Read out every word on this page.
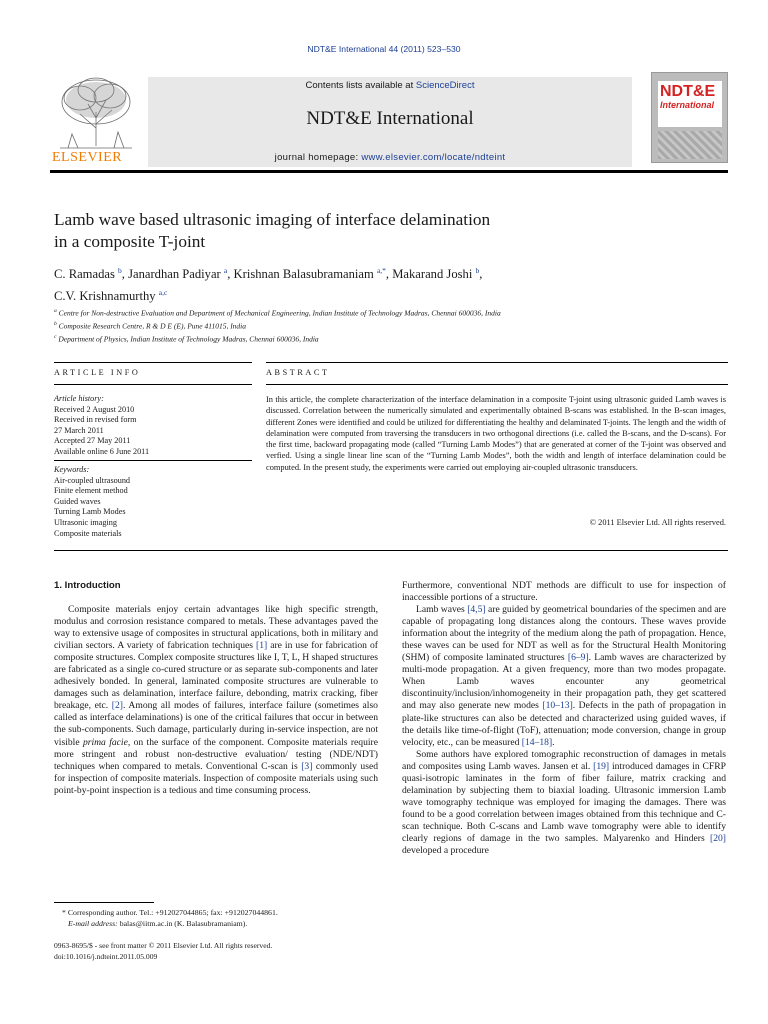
NDT&E International 44 (2011) 523–530
ELSEVIER
Contents lists available at ScienceDirect
NDT&E International
journal homepage: www.elsevier.com/locate/ndteint
NDT&E
International
Lamb wave based ultrasonic imaging of interface delamination
in a composite T-joint
C. Ramadas $^b$, Janardhan Padiyar $^a$, Krishnan Balasubramaniam $^{a,*}$, Makarand Joshi $^b$,
C.V. Krishnamurthy $^{a,c}$
$^a$ Centre for Non-destructive Evaluation and Department of Mechanical Engineering, Indian Institute of Technology Madras, Chennai 600036, India
$^b$ Composite Research Centre, R & D E (E), Pune 411015, India
$^c$ Department of Physics, Indian Institute of Technology Madras, Chennai 600036, India
ARTICLE INFO	ABSTRACT
Article history:
Received 2 August 2010
Received in revised form
27 March 2011
Accepted 27 May 2011
Available online 6 June 2011
Keywords:
Air-coupled ultrasound
Finite element method
Guided waves
Turning Lamb Modes
Ultrasonic imaging
Composite materials
In this article, the complete characterization of the interface delamination in a composite T-joint using ultrasonic guided Lamb waves is discussed. Correlation between the numerically simulated and experimentally obtained B-scans was established. In the B-scan images, different Zones were identified and could be utilized for differentiating the healthy and delaminated T-joints. The length and the width of delamination were computed from traversing the transducers in two orthogonal directions (i.e. called the B-scans, and the D-scans). For the first time, backward propagating mode (called “Turning Lamb Modes”) that are generated at corner of the T-joint was observed and verfied. Using a single linear line scan of the “Turning Lamb Modes”, both the width and length of interface delamination could be computed. In the present study, the experiments were carried out employing air-coupled ultrasonic transducers.
© 2011 Elsevier Ltd. All rights reserved.
1. Introduction

Composite materials enjoy certain advantages like high specific strength, modulus and corrosion resistance compared to metals. These advantages paved the way to extensive usage of composites in structural applications, both in military and civilian sectors. A variety of fabrication techniques [1] are in use for fabrication of composite structures. Complex composite structures like I, T, L, H shaped structures are fabricated as a single co-cured structure or as separate sub-components and later adhesively bonded. In general, laminated composite structures are vulnerable to damages such as delamination, interface failure, debonding, matrix cracking, fiber breakage, etc. [2]. Among all modes of failures, interface failure (sometimes also called as interface delaminations) is one of the critical failures that occur in between the sub-components. Such damage, particularly during in-service inspection, are not visible prima facie, on the surface of the component. Composite materials require more stringent and robust non-destructive evaluation/ testing (NDE/NDT) techniques when compared to metals. Conventional C-scan is [3] commonly used for inspection of composite materials. Inspection of composite materials using such point-by-point inspection is a tedious and time consuming process.

Furthermore, conventional NDT methods are difficult to use for inspection of inaccessible portions of a structure.

Lamb waves [4,5] are guided by geometrical boundaries of the specimen and are capable of propagating long distances along the contours. These waves provide information about the integrity of the medium along the path of propagation. Hence, these waves can be used for NDT as well as for the Structural Health Monitoring (SHM) of composite laminated structures [6–9]. Lamb waves are characterized by multi-mode propagation. At a given frequency, more than two modes propagate. When Lamb waves encounter any geometrical discontinuity/inclusion/inhomogeneity in their propagation path, they get scattered and may also generate new modes [10–13]. Defects in the path of propagation in plate-like structures can also be detected and characterized using guided waves, if the details like time-of-flight (ToF), attenuation; mode conversion, change in group velocity, etc., can be measured [14–18].

Some authors have explored tomographic reconstruction of damages in metals and composites using Lamb waves. Jansen et al. [19] introduced damages in CFRP quasi-isotropic laminates in the form of fiber failure, matrix cracking and delamination by subjecting them to biaxial loading. Ultrasonic immersion Lamb wave tomography technique was employed for imaging the damages. There was found to be a good correlation between images obtained from this technique and C-scan technique. Both C-scans and Lamb wave tomography were able to identify clearly regions of damage in the two samples. Malyarenko and Hinders [20] developed a procedure

* Corresponding author. Tel.: +912027044865; fax: +912027044861.
E-mail address: balas@iitm.ac.in (K. Balasubramaniam).
0963-8695/$ - see front matter © 2011 Elsevier Ltd. All rights reserved.
doi:10.1016/j.ndteint.2011.05.009
